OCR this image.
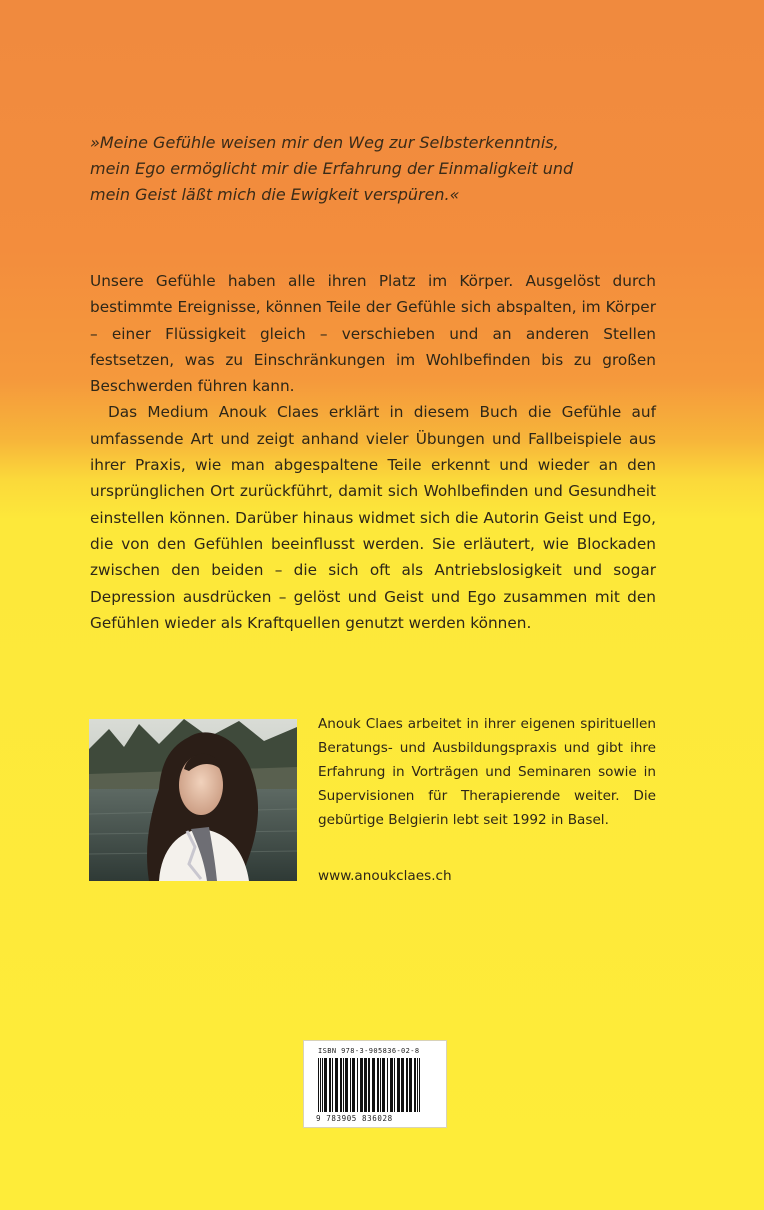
»Meine Gefühle weisen mir den Weg zur Selbsterkenntnis,

mein Ego ermöglicht mir die Erfahrung der Einmaligkeit und

mein Geist läßt mich die Ewigkeit verspüren.«

Unsere Gefühle haben alle ihren Platz im Körper. Ausgelöst durch bestimmte Ereignisse, können Teile der Gefühle sich abspalten, im Körper – einer Flüssigkeit gleich – verschieben und an anderen Stellen festsetzen, was zu Einschränkungen im Wohlbefinden bis zu großen Beschwerden führen kann.

Das Medium Anouk Claes erklärt in diesem Buch die Gefühle auf umfassende Art und zeigt anhand vieler Übungen und Fallbeispiele aus ihrer Praxis, wie man abgespaltene Teile erkennt und wieder an den ursprünglichen Ort zurückführt, damit sich Wohlbefinden und Gesundheit einstellen können. Darüber hinaus widmet sich die Autorin Geist und Ego, die von den Gefühlen beeinflusst werden. Sie erläutert, wie Blockaden zwischen den beiden – die sich oft als Antriebslosigkeit und sogar Depression ausdrücken – gelöst und Geist und Ego zusammen mit den Gefühlen wieder als Kraftquellen genutzt werden können.

Anouk Claes arbeitet in ihrer eigenen spirituellen Beratungs- und Ausbildungspraxis und gibt ihre Erfahrung in Vorträgen und Seminaren sowie in Supervisionen für Therapierende weiter. Die gebürtige Belgierin lebt seit 1992 in Basel.

www.anoukclaes.ch
ISBN 978-3-905836-02-8
9 783905 836028
